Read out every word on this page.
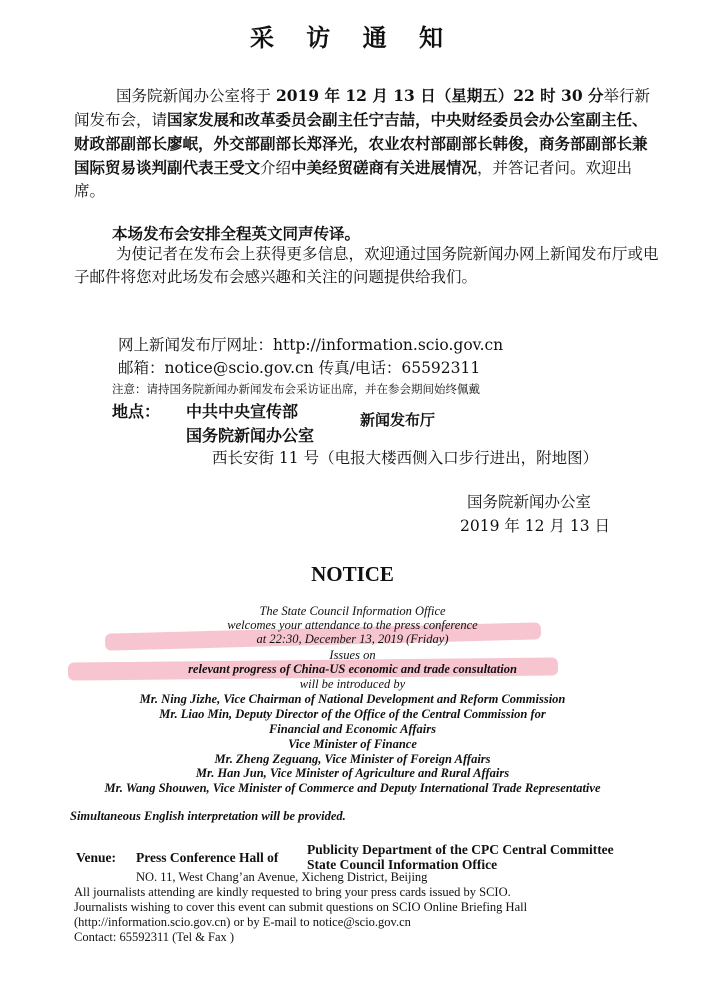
采 访 通 知
国务院新闻办公室将于 2019 年 12 月 13 日（星期五）22 时 30 分举行新闻发布会，请国家发展和改革委员会副主任宁吉喆，中央财经委员会办公室副主任、财政部副部长廖岷，外交部副部长郑泽光，农业农村部副部长韩俊，商务部副部长兼国际贸易谈判副代表王受文介绍中美经贸磋商有关进展情况，并答记者问。欢迎出席。
本场发布会安排全程英文同声传译。
为使记者在发布会上获得更多信息，欢迎通过国务院新闻办网上新闻发布厅或电子邮件将您对此场发布会感兴趣和关注的问题提供给我们。
网上新闻发布厅网址：http://information.scio.gov.cn
邮箱：notice@scio.gov.cn 传真/电话：65592311
注意：请持国务院新闻办新闻发布会采访证出席，并在参会期间始终佩戴
地点： 中共中央宣传部
国务院新闻办公室
新闻发布厅
西长安街 11 号（电报大楼西侧入口步行进出，附地图）
国务院新闻办公室
2019 年 12 月 13 日
NOTICE
The State Council Information Office
welcomes your attendance to the press conference
at 22:30, December 13, 2019 (Friday)
Issues on
relevant progress of China-US economic and trade consultation
will be introduced by
Mr. Ning Jizhe, Vice Chairman of National Development and Reform Commission
Mr. Liao Min, Deputy Director of the Office of the Central Commission for
Financial and Economic Affairs
Vice Minister of Finance
Mr. Zheng Zeguang, Vice Minister of Foreign Affairs
Mr. Han Jun, Vice Minister of Agriculture and Rural Affairs
Mr. Wang Shouwen, Vice Minister of Commerce and Deputy International Trade Representative
Simultaneous English interpretation will be provided.
Venue: Press Conference Hall of
Publicity Department of the CPC Central Committee
State Council Information Office
NO. 11, West Chang’an Avenue, Xicheng District, Beijing
All journalists attending are kindly requested to bring your press cards issued by SCIO.
Journalists wishing to cover this event can submit questions on SCIO Online Briefing Hall
(http://information.scio.gov.cn) or by E-mail to notice@scio.gov.cn
Contact: 65592311 (Tel & Fax )
